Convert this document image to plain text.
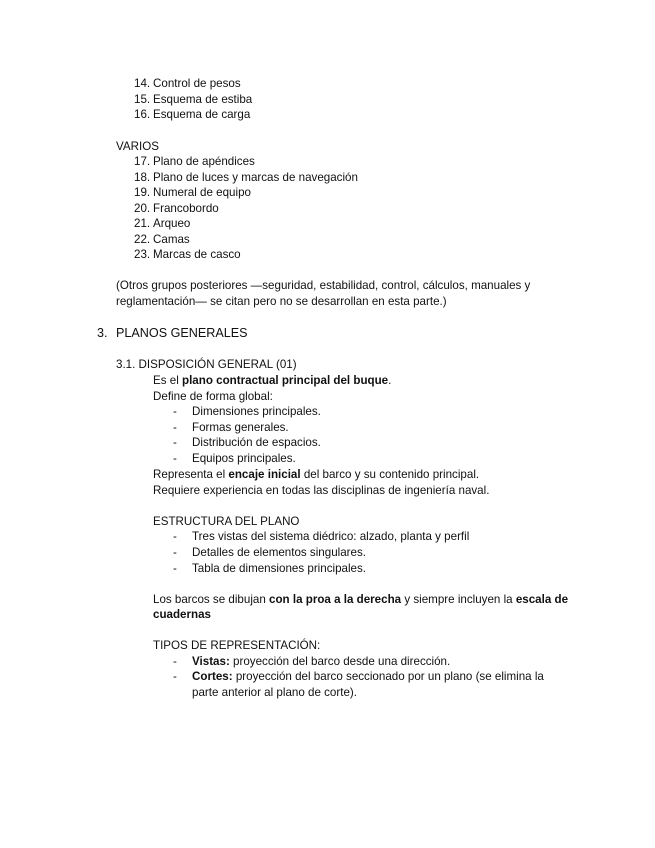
14. Control de pesos
15. Esquema de estiba
16. Esquema de carga
VARIOS
17. Plano de apéndices
18. Plano de luces y marcas de navegación
19. Numeral de equipo
20. Francobordo
21. Arqueo
22. Camas
23. Marcas de casco
(Otros grupos posteriores —seguridad, estabilidad, control, cálculos, manuales y
reglamentación— se citan pero no se desarrollan en esta parte.)
3. PLANOS GENERALES
3.1. DISPOSICIÓN GENERAL (01)
Es el plano contractual principal del buque.
Define de forma global:
- Dimensiones principales.
- Formas generales.
- Distribución de espacios.
- Equipos principales.
Representa el encaje inicial del barco y su contenido principal.
Requiere experiencia en todas las disciplinas de ingeniería naval.
ESTRUCTURA DEL PLANO
- Tres vistas del sistema diédrico: alzado, planta y perfil
- Detalles de elementos singulares.
- Tabla de dimensiones principales.
Los barcos se dibujan con la proa a la derecha y siempre incluyen la escala de
cuadernas
TIPOS DE REPRESENTACIÓN:
- Vistas: proyección del barco desde una dirección.
- Cortes: proyección del barco seccionado por un plano (se elimina la
parte anterior al plano de corte).
